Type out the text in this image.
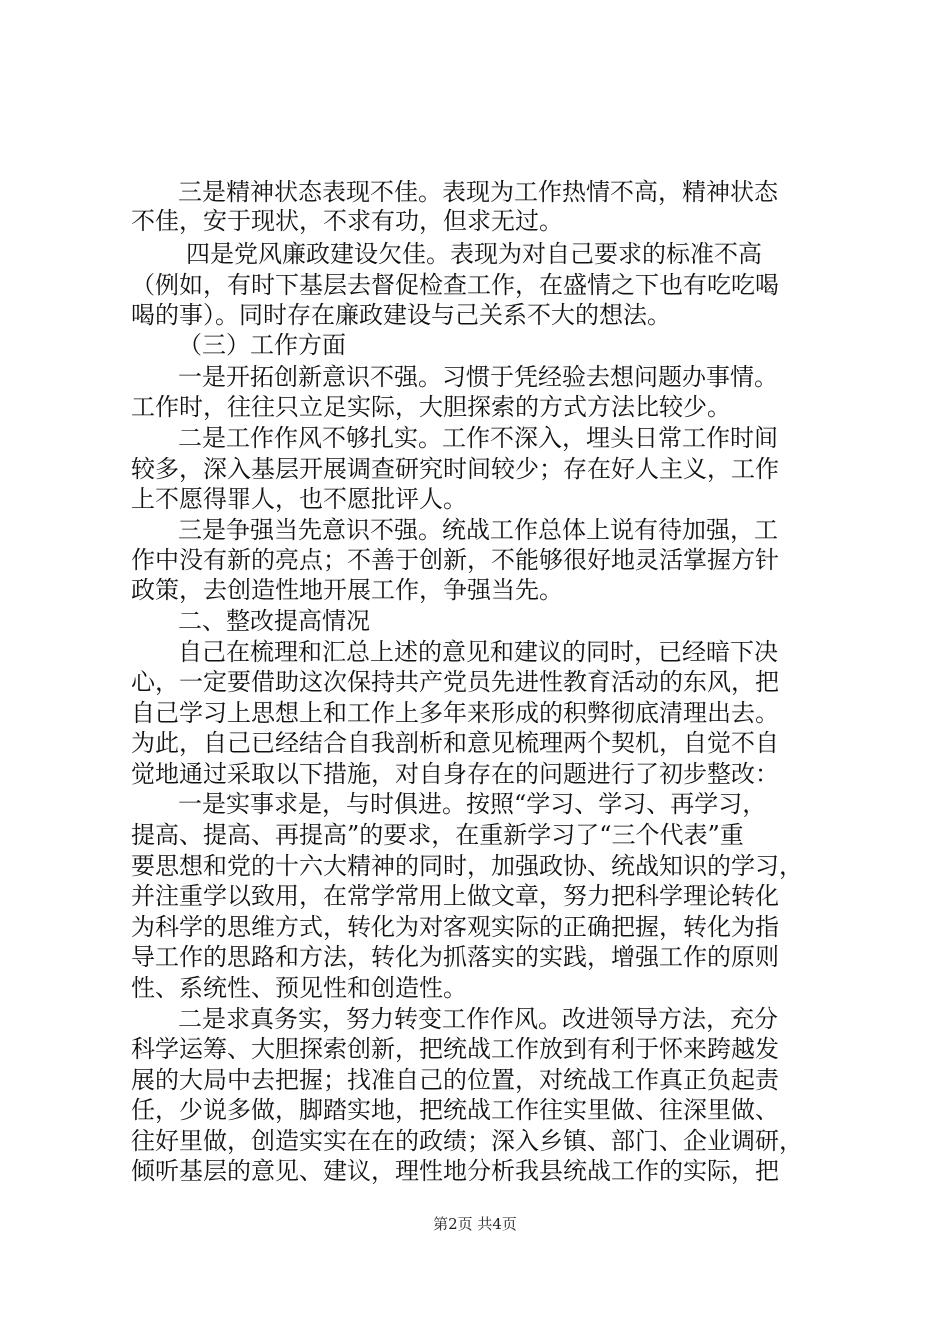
三是精神状态表现不佳。表现为工作热情不高，精神状态
不佳，安于现状，不求有功，但求无过。
四是党风廉政建设欠佳。表现为对自己要求的标准不高
（例如，有时下基层去督促检查工作，在盛情之下也有吃吃喝
喝的事）。同时存在廉政建设与己关系不大的想法。
（三）工作方面
一是开拓创新意识不强。习惯于凭经验去想问题办事情。
工作时，往往只立足实际，大胆探索的方式方法比较少。
二是工作作风不够扎实。工作不深入，埋头日常工作时间
较多，深入基层开展调查研究时间较少；存在好人主义，工作
上不愿得罪人，也不愿批评人。
三是争强当先意识不强。统战工作总体上说有待加强，工
作中没有新的亮点；不善于创新，不能够很好地灵活掌握方针
政策，去创造性地开展工作，争强当先。
二、整改提高情况
自己在梳理和汇总上述的意见和建议的同时，已经暗下决
心，一定要借助这次保持共产党员先进性教育活动的东风，把
自己学习上思想上和工作上多年来形成的积弊彻底清理出去。
为此，自己已经结合自我剖析和意见梳理两个契机，自觉不自
觉地通过采取以下措施，对自身存在的问题进行了初步整改：
一是实事求是，与时俱进。按照“学习、学习、再学习，
提高、提高、再提高”的要求，在重新学习了“三个代表”重
要思想和党的十六大精神的同时，加强政协、统战知识的学习，
并注重学以致用，在常学常用上做文章，努力把科学理论转化
为科学的思维方式，转化为对客观实际的正确把握，转化为指
导工作的思路和方法，转化为抓落实的实践，增强工作的原则
性、系统性、预见性和创造性。
二是求真务实，努力转变工作作风。改进领导方法，充分
科学运筹、大胆探索创新，把统战工作放到有利于怀来跨越发
展的大局中去把握；找准自己的位置，对统战工作真正负起责
任，少说多做，脚踏实地，把统战工作往实里做、往深里做、
往好里做，创造实实在在的政绩；深入乡镇、部门、企业调研，
倾听基层的意见、建议，理性地分析我县统战工作的实际，把
第2页 共4页
